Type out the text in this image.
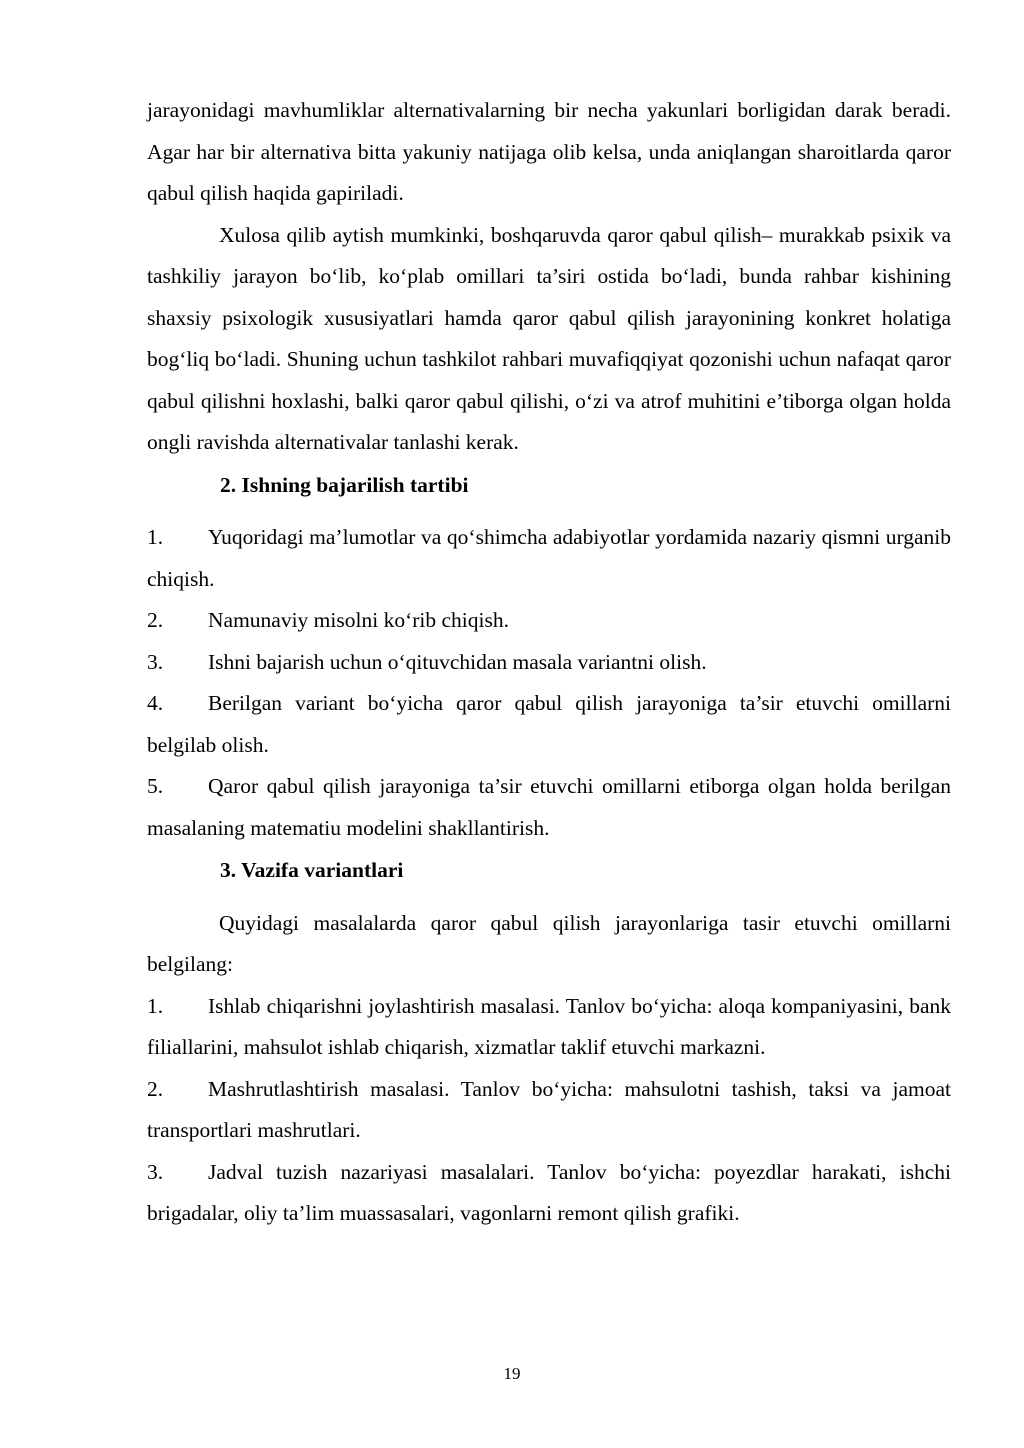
jarayonidagi mavhumliklar alternativalarning bir necha yakunlari borligidan darak beradi. Agar har bir alternativa bitta yakuniy natijaga olib kelsa, unda aniqlangan sharoitlarda qaror qabul qilish haqida gapiriladi.

Xulosa qilib aytish mumkinki, boshqaruvda qaror qabul qilish– murakkab psixik va tashkiliy jarayon bo‘lib, ko‘plab omillari ta’siri ostida bo‘ladi, bunda rahbar kishining shaxsiy psixologik xususiyatlari hamda qaror qabul qilish jarayonining konkret holatiga bog‘liq bo‘ladi. Shuning uchun tashkilot rahbari muvafiqqiyat qozonishi uchun nafaqat qaror qabul qilishni hoxlashi, balki qaror qabul qilishi, o‘zi va atrof muhitini e’tiborga olgan holda ongli ravishda alternativalar tanlashi kerak.

2. Ishning bajarilish tartibi

1. Yuqoridagi ma’lumotlar va qo‘shimcha adabiyotlar yordamida nazariy qismni urganib chiqish.

2. Namunaviy misolni ko‘rib chiqish.

3. Ishni bajarish uchun o‘qituvchidan masala variantni olish.

4. Berilgan variant bo‘yicha qaror qabul qilish jarayoniga ta’sir etuvchi omillarni belgilab olish.

5. Qaror qabul qilish jarayoniga ta’sir etuvchi omillarni etiborga olgan holda berilgan masalaning matematiu modelini shakllantirish.

3. Vazifa variantlari

Quyidagi masalalarda qaror qabul qilish jarayonlariga tasir etuvchi omillarni belgilang:

1. Ishlab chiqarishni joylashtirish masalasi. Tanlov bo‘yicha: aloqa kompaniyasini, bank filiallarini, mahsulot ishlab chiqarish, xizmatlar taklif etuvchi markazni.

2. Mashrutlashtirish masalasi. Tanlov bo‘yicha: mahsulotni tashish, taksi va jamoat transportlari mashrutlari.

3. Jadval tuzish nazariyasi masalalari. Tanlov bo‘yicha: poyezdlar harakati, ishchi brigadalar, oliy ta’lim muassasalari, vagonlarni remont qilish grafiki.

19
